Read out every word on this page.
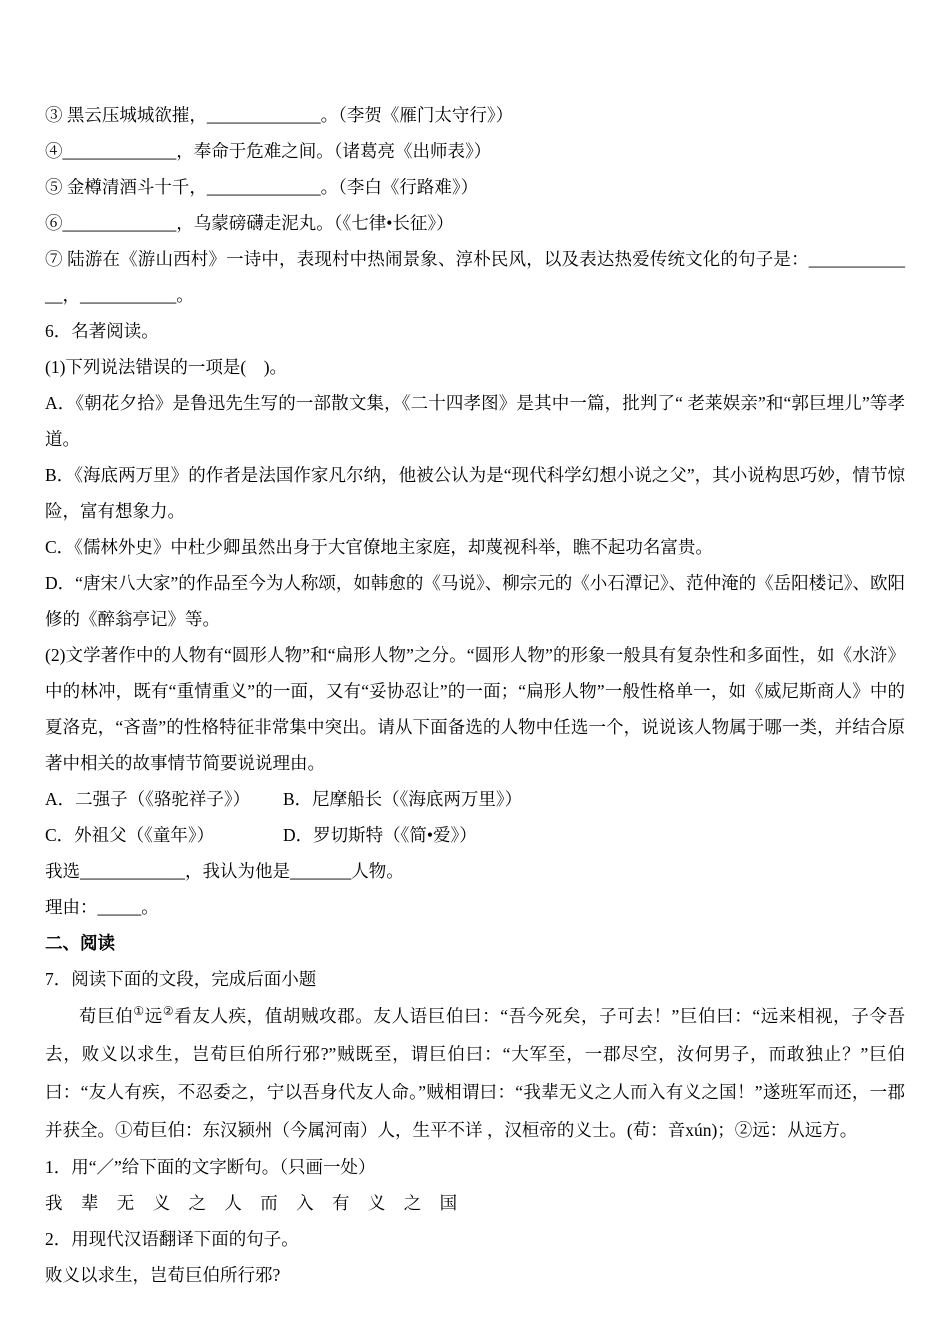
③ 黑云压城城欲摧，_____________。（李贺《雁门太守行》）

④_____________，奉命于危难之间。（诸葛亮《出师表》）

⑤ 金樽清酒斗十千，_____________。（李白《行路难》）

⑥_____________，乌蒙磅礴走泥丸。（《七律•长征》）

⑦ 陆游在《游山西村》一诗中，表现村中热闹景象、淳朴民风，以及表达热爱传统文化的句子是：_____________，___________。

6．名著阅读。

(1)下列说法错误的一项是(　)。

A．《朝花夕拾》是鲁迅先生写的一部散文集，《二十四孝图》是其中一篇，批判了“ 老莱娱亲”和“郭巨埋儿”等孝道。

B．《海底两万里》的作者是法国作家凡尔纳，他被公认为是“现代科学幻想小说之父”，其小说构思巧妙，情节惊险，富有想象力。

C．《儒林外史》中杜少卿虽然出身于大官僚地主家庭，却蔑视科举，瞧不起功名富贵。

D．“唐宋八大家”的作品至今为人称颂，如韩愈的《马说》、柳宗元的《小石潭记》、范仲淹的《岳阳楼记》、欧阳修的《醉翁亭记》等。

(2)文学著作中的人物有“圆形人物”和“扁形人物”之分。“圆形人物”的形象一般具有复杂性和多面性，如《水浒》中的林冲，既有“重情重义”的一面，又有“妥协忍让”的一面；“扁形人物”一般性格单一，如《威尼斯商人》中的夏洛克，“吝啬”的性格特征非常集中突出。请从下面备选的人物中任选一个，说说该人物属于哪一类，并结合原著中相关的故事情节简要说说理由。

A．二强子（《骆驼祥子》） B．尼摩船长（《海底两万里》）

C．外祖父（《童年》）	D．罗切斯特（《简•爱》）

我选____________，我认为他是_______人物。

理由：_____。

二、阅读

7．阅读下面的文段，完成后面小题

荀巨伯①远②看友人疾，值胡贼攻郡。友人语巨伯曰：“吾今死矣，子可去！”巨伯曰：“远来相视，子令吾去，败义以求生，岂荀巨伯所行邪?”贼既至，谓巨伯曰：“大军至，一郡尽空，汝何男子，而敢独止？”巨伯曰：“友人有疾，不忍委之，宁以吾身代友人命。”贼相谓曰：“我辈无义之人而入有义之国！”遂班军而还，一郡并获全。①荀巨伯：东汉颍州（今属河南）人，生平不详 ，汉桓帝的义士。(荀：音xún)；②远：从远方。

1．用“／”给下面的文字断句。（只画一处）

我 辈 无 义 之 人 而 入 有 义 之 国

2．用现代汉语翻译下面的句子。

败义以求生，岂荀巨伯所行邪?
